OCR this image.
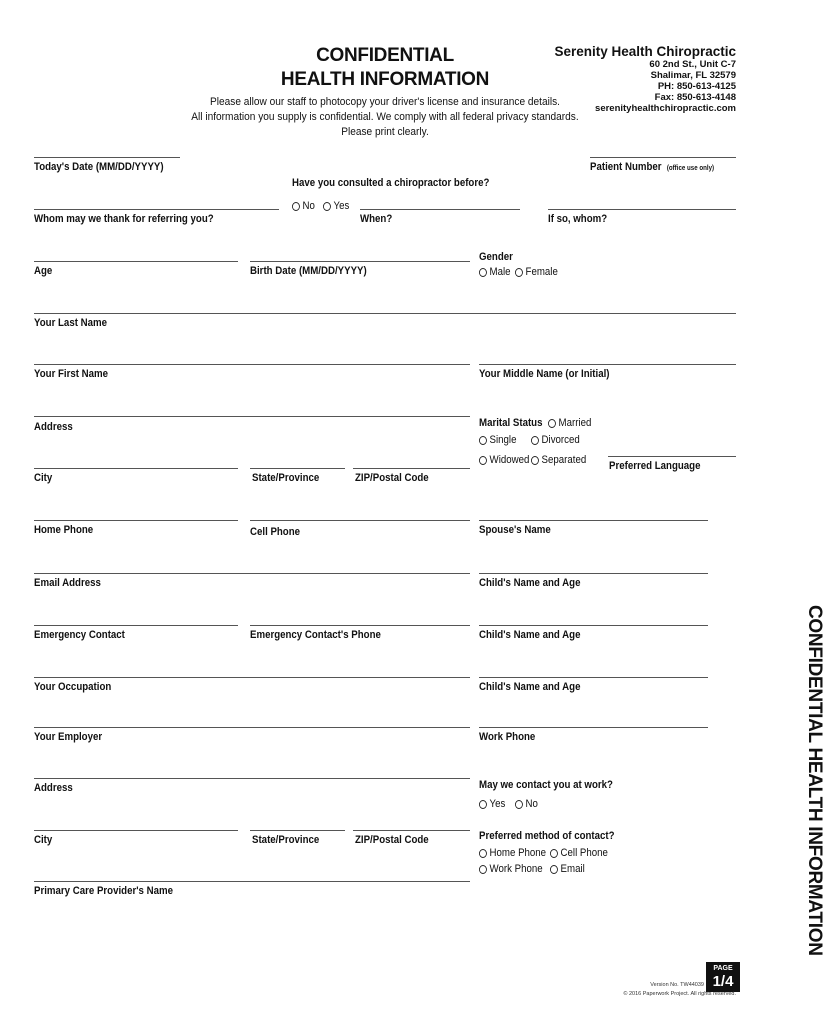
CONFIDENTIAL
HEALTH INFORMATION
Please allow our staff to photocopy your driver's license and insurance details.
All information you supply is confidential. We comply with all federal privacy standards.
Please print clearly.
Serenity Health Chiropractic
60 2nd St., Unit C-7
Shalimar, FL 32579
PH: 850-613-4125
Fax: 850-613-4148
serenityhealthchiropractic.com
Today's Date (MM/DD/YYYY)	Patient Number (office use only)
Have you consulted a chiropractor before?
No Yes
Whom may we thank for referring you?	When?	If so, whom?
Gender
Male Female
Age	Birth Date (MM/DD/YYYY)
Your Last Name
Your First Name	Your Middle Name (or Initial)
Address	Marital Status Married
Single Divorced
Widowed Separated
City	State/Province	ZIP/Postal Code
Preferred Language
Home Phone	Cell Phone	Spouse's Name
Email Address	Child's Name and Age
Emergency Contact	Emergency Contact's Phone	Child's Name and Age
Your Occupation	Child's Name and Age
Your Employer	Work Phone
Address	May we contact you at work?
Yes No
City	State/Province	ZIP/Postal Code	Preferred method of contact?
Home Phone Cell Phone
Work Phone Email
Primary Care Provider's Name	CONFIDENTIAL HEALTH INFORMATION
PAGE
1/4
Version No. TW44039
© 2016 Paperwork Project. All rights reserved.
